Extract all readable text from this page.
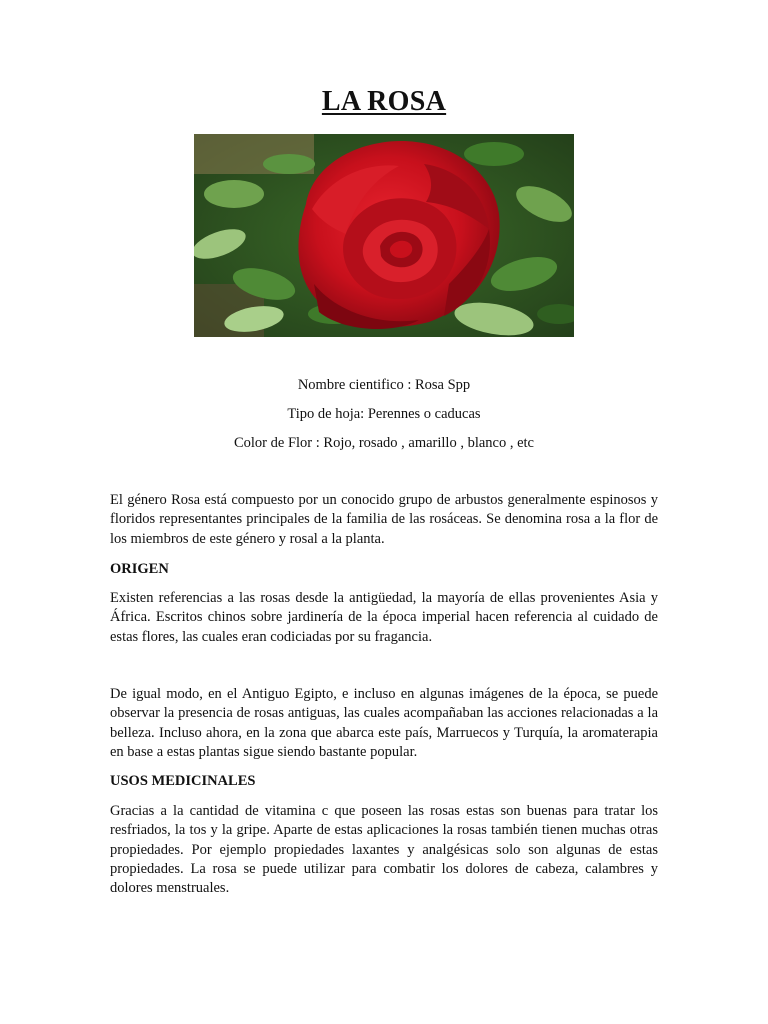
LA ROSA
Nombre cientifico : Rosa Spp
Tipo de hoja: Perennes o caducas
Color de Flor : Rojo, rosado , amarillo , blanco , etc

El género Rosa está compuesto por un conocido grupo de arbustos generalmente espinosos y floridos representantes principales de la familia de las rosáceas. Se denomina rosa a la flor de los miembros de este género y rosal a la planta.

ORIGEN

Existen referencias a las rosas desde la antigüedad, la mayoría de ellas provenientes Asia y África. Escritos chinos sobre jardinería de la época imperial hacen referencia al cuidado de estas flores, las cuales eran codiciadas por su fragancia.

De igual modo, en el Antiguo Egipto, e incluso en algunas imágenes de la época, se puede observar la presencia de rosas antiguas, las cuales acompañaban las acciones relacionadas a la belleza. Incluso ahora, en la zona que abarca este país, Marruecos y Turquía, la aromaterapia en base a estas plantas sigue siendo bastante popular.

USOS MEDICINALES

Gracias a la cantidad de vitamina c que poseen las rosas estas son buenas para tratar los resfriados, la tos y la gripe. Aparte de estas aplicaciones la rosas también tienen muchas otras propiedades. Por ejemplo propiedades laxantes y analgésicas solo son algunas de estas propiedades. La rosa se puede utilizar para combatir los dolores de cabeza, calambres y dolores menstruales.
